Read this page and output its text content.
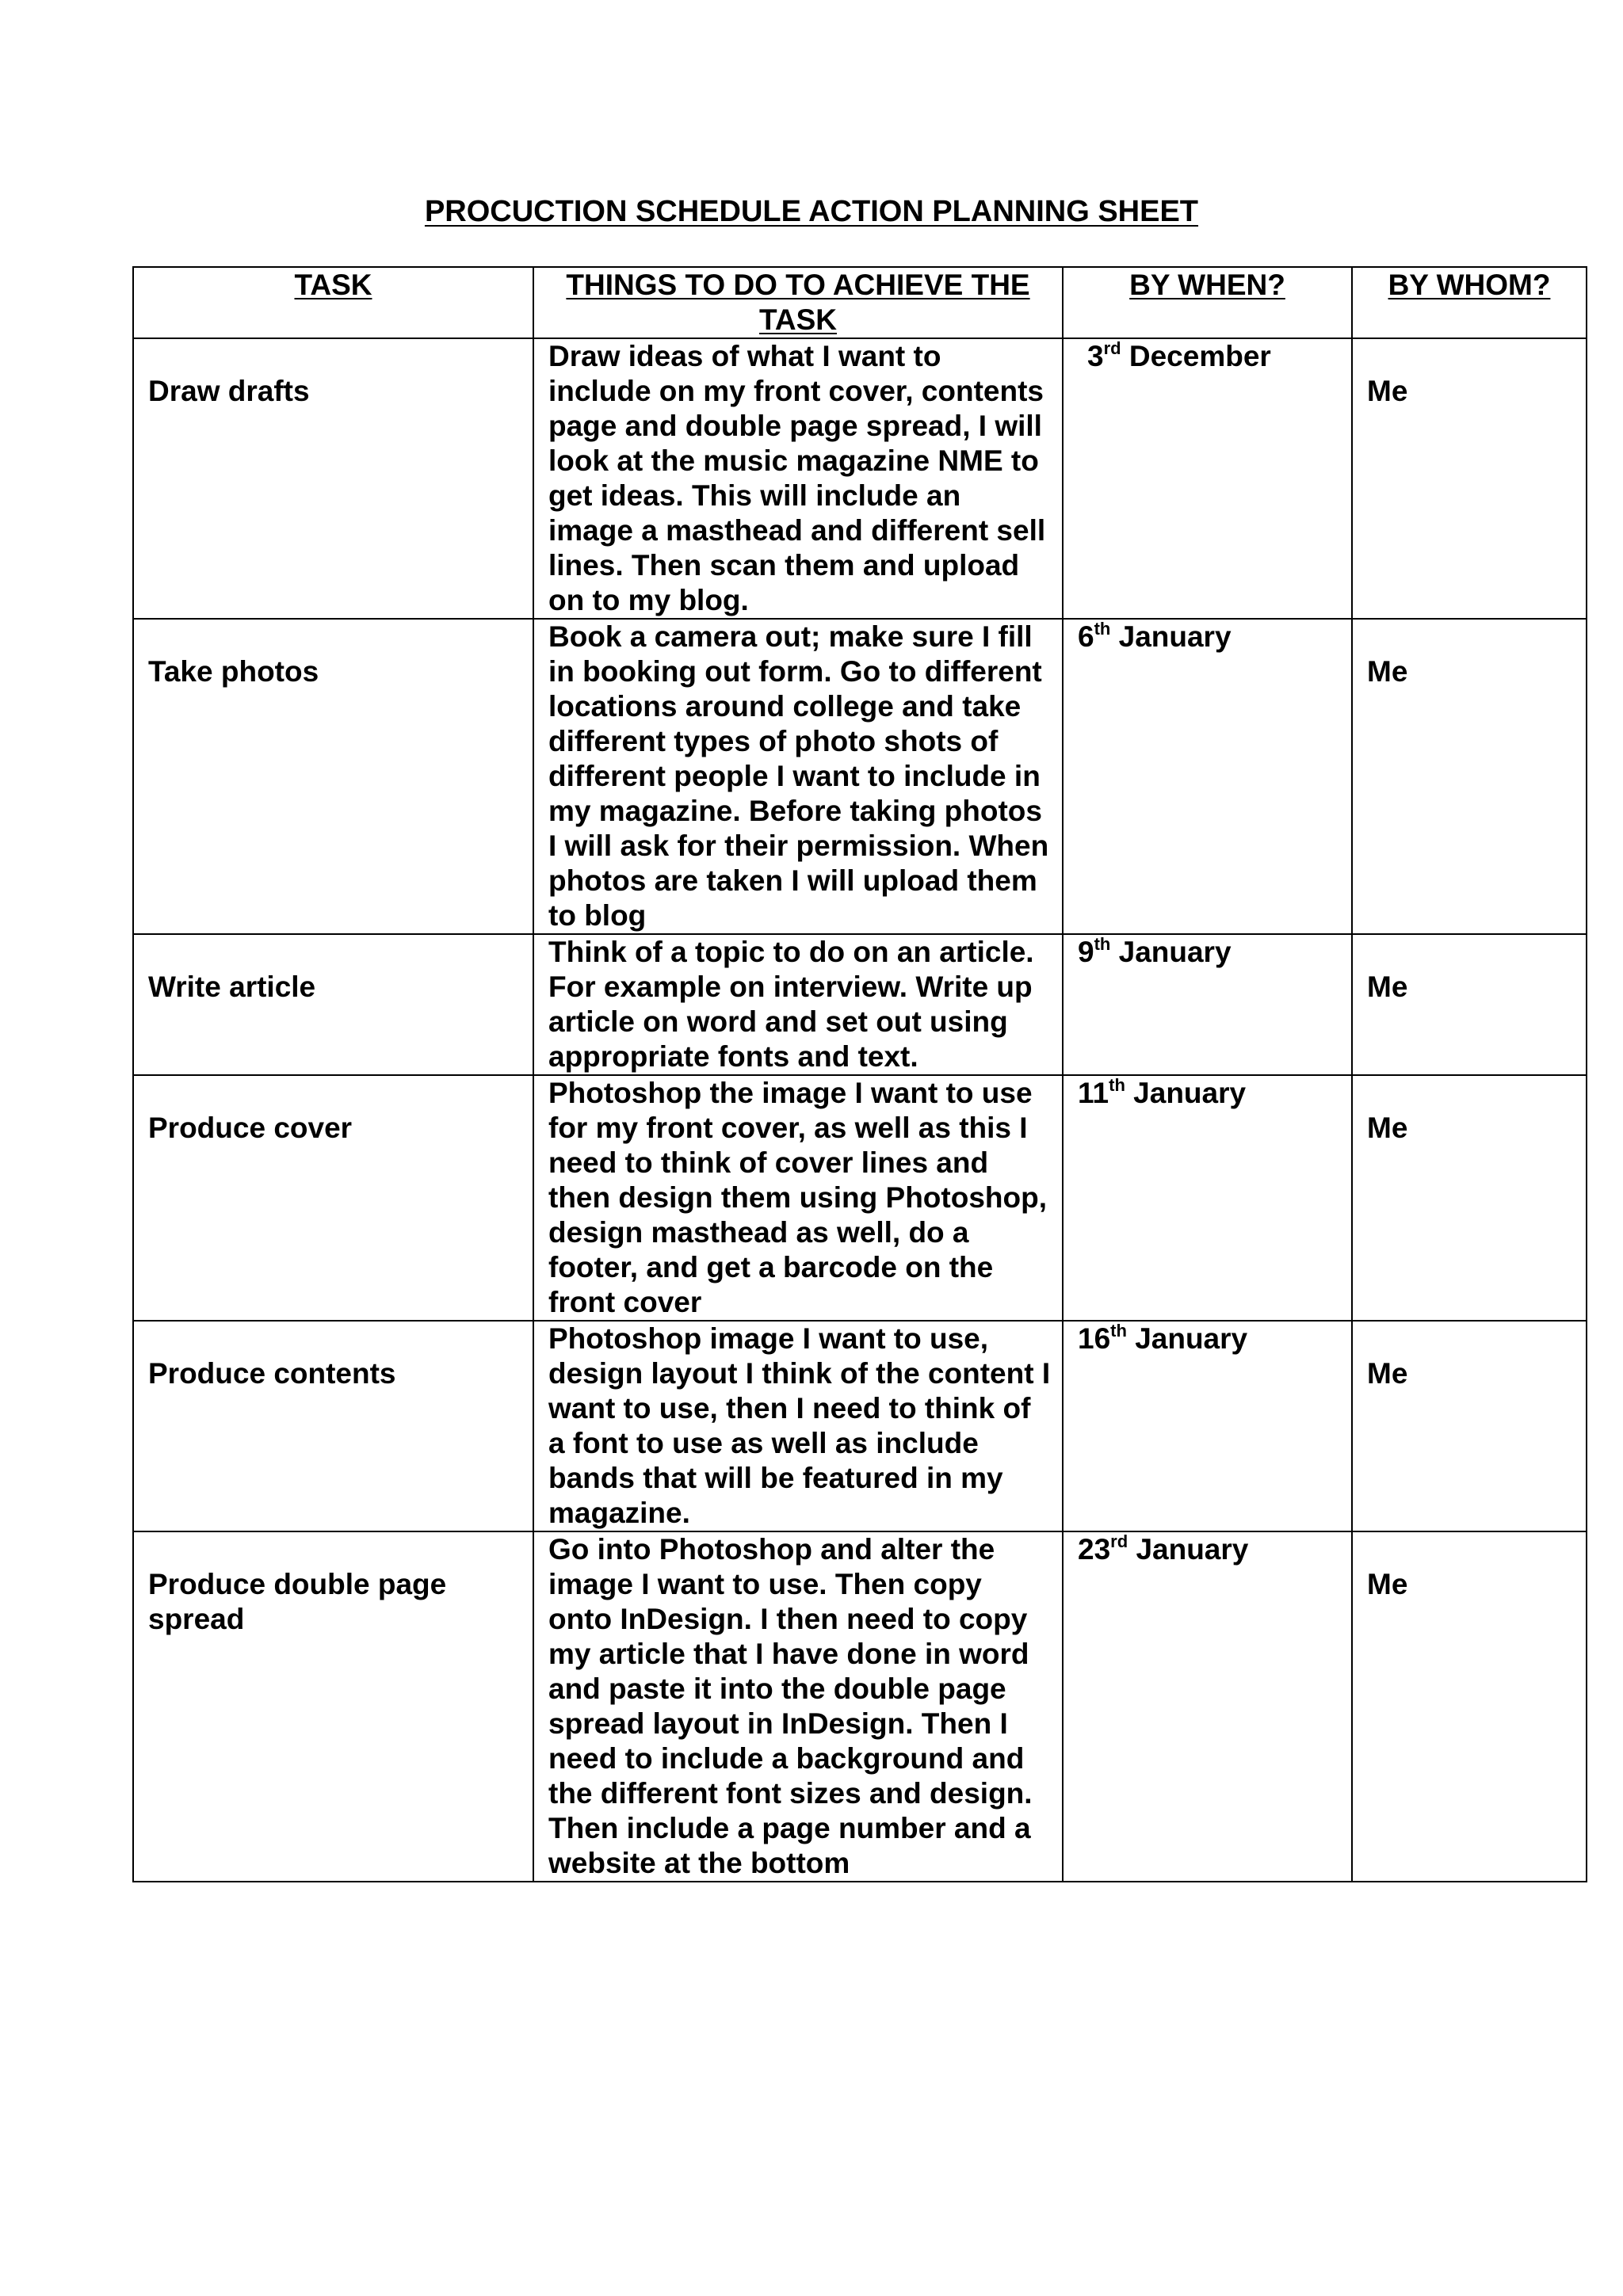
PROCUCTION SCHEDULE ACTION PLANNING SHEET
TASK	THINGS TO DO TO ACHIEVE THE TASK	BY WHEN?	BY WHOM?

Draw drafts	Draw ideas of what I want to include on my front cover, contents page and double page spread, I will look at the music magazine NME to get ideas. This will include an image a masthead and different sell lines. Then scan them and upload on to my blog.	3rd December	Me

Take photos	Book a camera out; make sure I fill in booking out form. Go to different locations around college and take different types of photo shots of different people I want to include in my magazine. Before taking photos I will ask for their permission. When photos are taken I will upload them to blog	6th January	Me

Write article	Think of a topic to do on an article. For example on interview. Write up article on word and set out using appropriate fonts and text.	9th January	Me

Produce cover	Photoshop the image I want to use for my front cover, as well as this I need to think of cover lines and then design them using Photoshop, design masthead as well, do a footer, and get a barcode on the front cover	11th January	Me

Produce contents	Photoshop image I want to use, design layout I think of the content I want to use, then I need to think of a font to use as well as include bands that will be featured in my magazine.	16th January	Me

Produce double page spread	Go into Photoshop and alter the image I want to use. Then copy onto InDesign. I then need to copy my article that I have done in word and paste it into the double page spread layout in InDesign. Then I need to include a background and the different font sizes and design. Then include a page number and a website at the bottom	23rd January	Me
